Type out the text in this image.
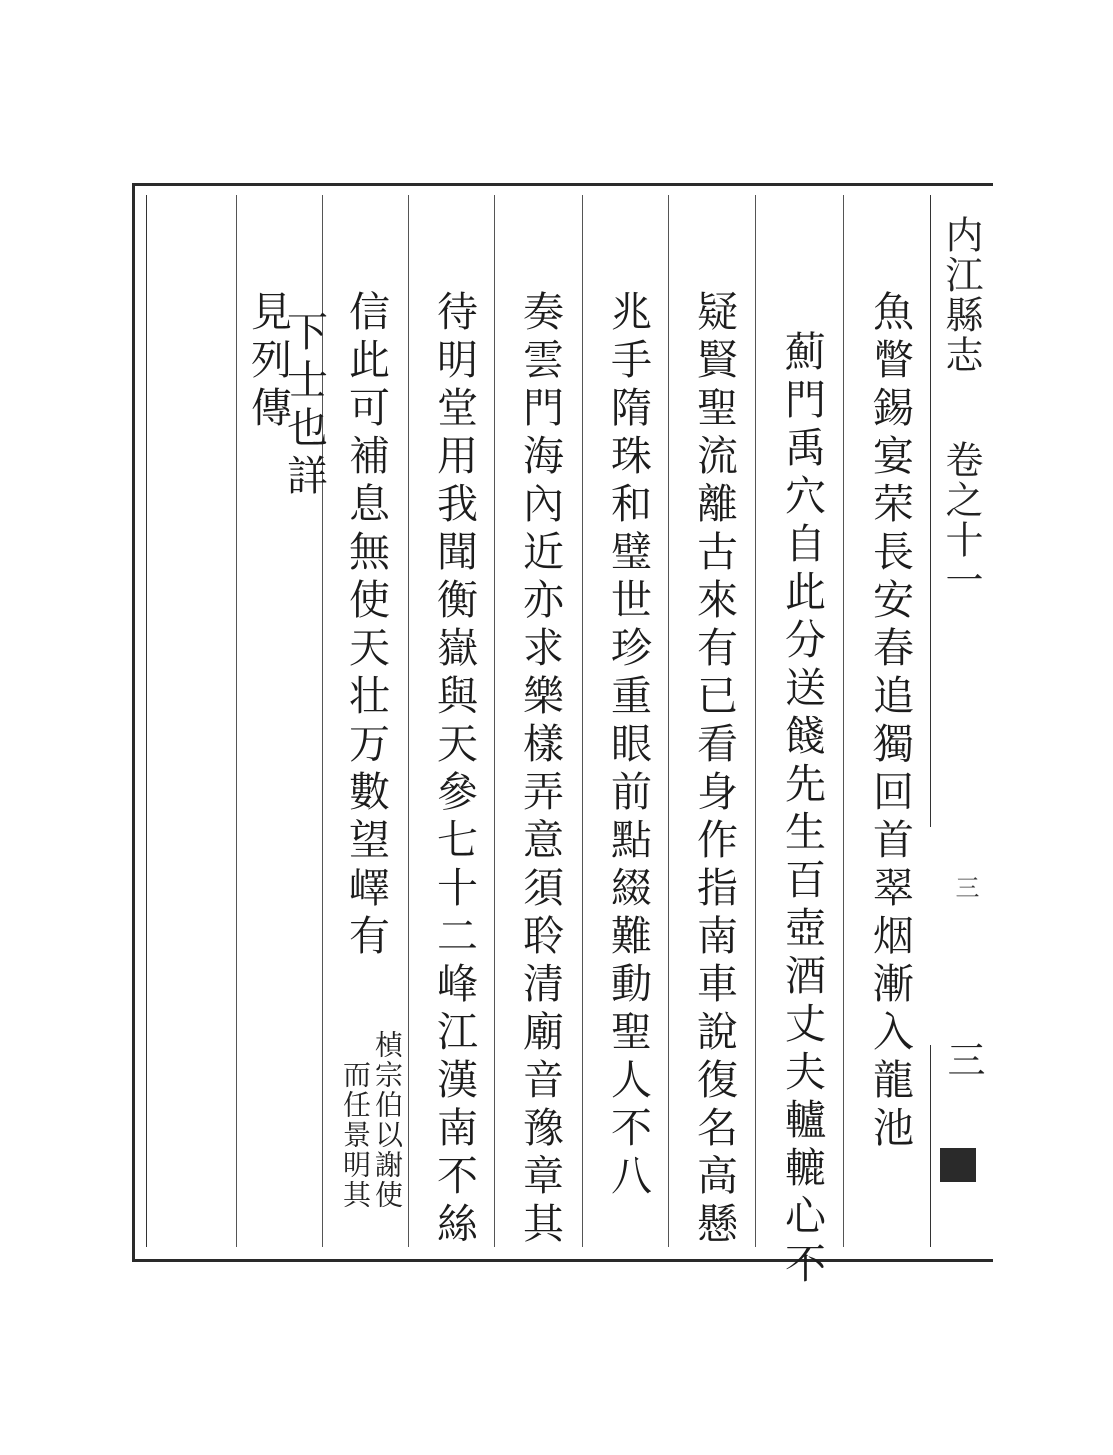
内江縣志
卷之十一
三
三
魚瞥錫宴荣長安春追獨回首翠烟漸入龍池
薊門禹穴自此分送餞先生百壺酒丈夫轤轆心不
疑賢聖流離古來有已看身作指南車說復名高懸
兆手隋珠和璧世珍重眼前點綴難動聖人不八
奏雲門海內近亦求樂樣弄意須聆清廟音豫章其
待明堂用我聞衡嶽與天參七十二峰江漢南不絲
信此可補息無使天壮万數望嶧有
楨宗伯以謝使
而任景明其
下士也詳
見列傳
